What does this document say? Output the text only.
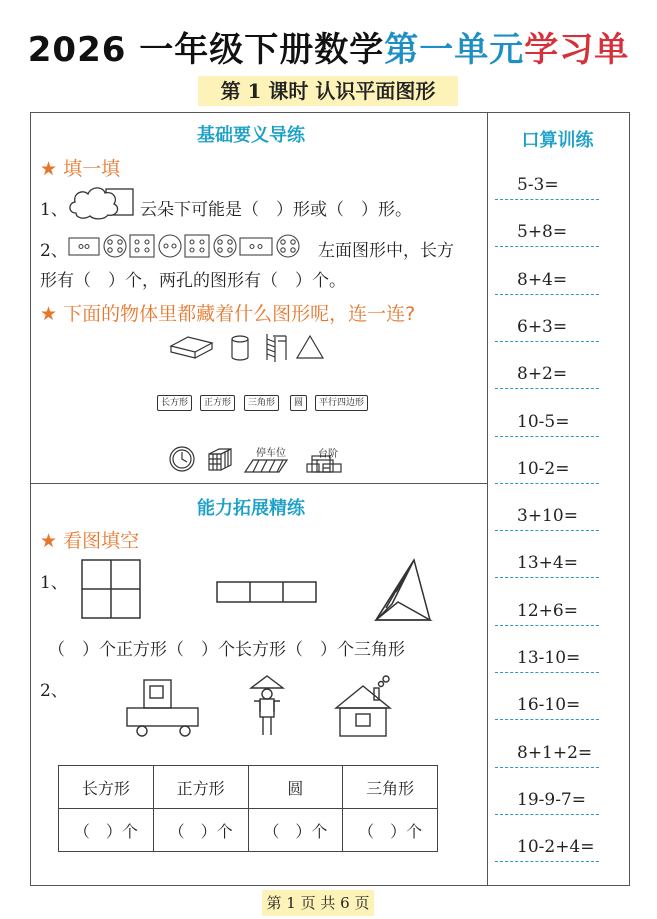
2026 一年级下册数学第一单元学习单
第 1 课时 认识平面图形
基础要义导练
★ 填一填
1、	云朵下可能是（　）形或（　）形。
2、	左面图形中，长方
形有（　）个，两孔的图形有（　）个。
★ 下面的物体里都藏着什么图形呢，连一连?
长方形	正方形	三角形	圆	平行四边形
停车位	台阶
能力拓展精练
★ 看图填空
1、
（　）个正方形（　）个长方形（　）个三角形
2、
长方形	正方形	圆	三角形
（　）个	（　）个	（　）个	（　）个
口算训练
5-3=
5+8=
8+4=
6+3=
8+2=
10-5=
10-2=
3+10=
13+4=
12+6=
13-10=
16-10=
8+1+2=
19-9-7=
10-2+4=
第 1 页 共 6 页
